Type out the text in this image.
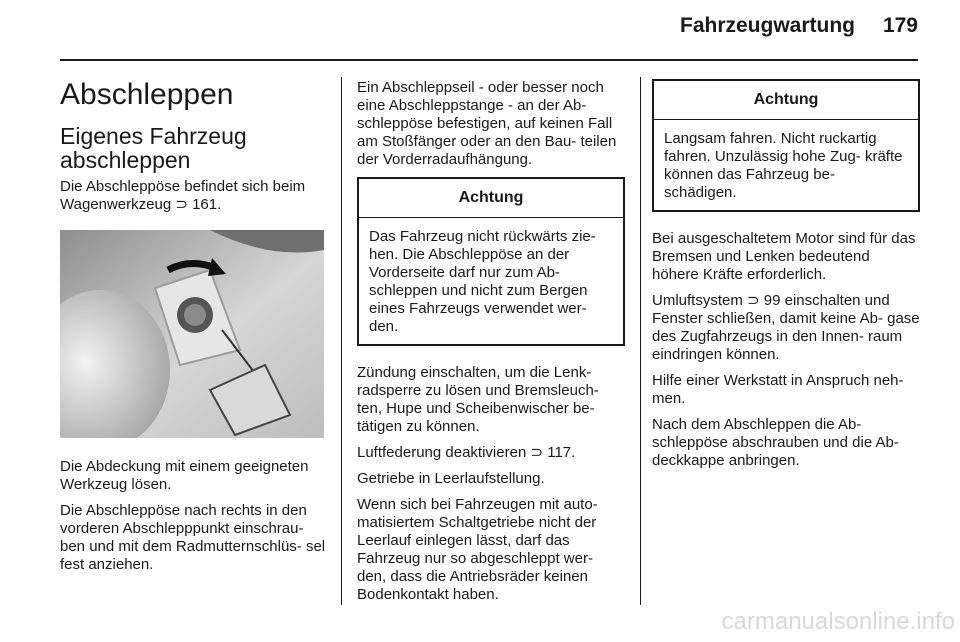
Fahrzeugwartung	179
Abschleppen
Eigenes Fahrzeug abschleppen

Die Abschleppöse befindet sich beim Wagenwerkzeug ⊃ 161.

Die Abdeckung mit einem geeigneten Werkzeug lösen.

Die Abschleppöse nach rechts in den vorderen Abschlepppunkt einschrau- ben und mit dem Radmutternschlüs- sel fest anziehen.

Ein Abschleppseil - oder besser noch eine Abschleppstange - an der Ab- schleppöse befestigen, auf keinen Fall am Stoßfänger oder an den Bau- teilen der Vorderradaufhängung.

Achtung
Das Fahrzeug nicht rückwärts zie- hen. Die Abschleppöse an der Vorderseite darf nur zum Ab- schleppen und nicht zum Bergen eines Fahrzeugs verwendet wer- den.

Zündung einschalten, um die Lenk- radsperre zu lösen und Bremsleuch- ten, Hupe und Scheibenwischer be- tätigen zu können.

Luftfederung deaktivieren ⊃ 117.

Getriebe in Leerlaufstellung.

Wenn sich bei Fahrzeugen mit auto- matisiertem Schaltgetriebe nicht der Leerlauf einlegen lässt, darf das Fahrzeug nur so abgeschleppt wer- den, dass die Antriebsräder keinen Bodenkontakt haben.

Achtung
Langsam fahren. Nicht ruckartig fahren. Unzulässig hohe Zug- kräfte können das Fahrzeug be- schädigen.

Bei ausgeschaltetem Motor sind für das Bremsen und Lenken bedeutend höhere Kräfte erforderlich.

Umluftsystem ⊃ 99 einschalten und Fenster schließen, damit keine Ab- gase des Zugfahrzeugs in den Innen- raum eindringen können.

Hilfe einer Werkstatt in Anspruch neh- men.

Nach dem Abschleppen die Ab- schleppöse abschrauben und die Ab- deckkappe anbringen.

carmanualsonline.info
